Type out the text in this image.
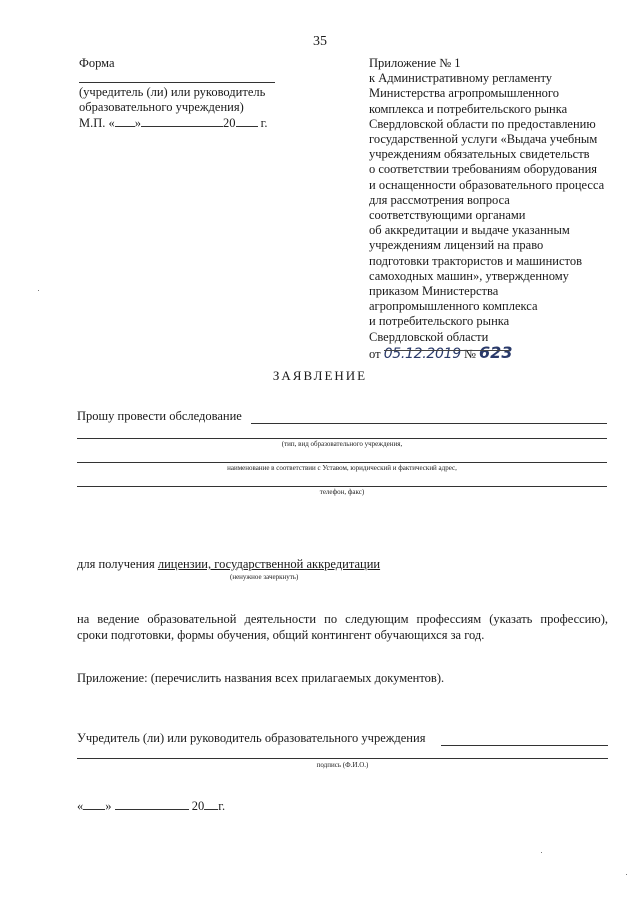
35
Форма
(учредитель (ли) или руководитель
образовательного учреждения)
М.П. « »	20 г.
Приложение № 1
к Административному регламенту
Министерства агропромышленного
комплекса и потребительского рынка
Свердловской области по предоставлению
государственной услуги «Выдача учебным
учреждениям обязательных свидетельств
о соответствии требованиям оборудования
и оснащенности образовательного процесса
для рассмотрения вопроса
соответствующими органами
об аккредитации и выдаче указанным
учреждениям лицензий на право
подготовки трактористов и машинистов
самоходных машин», утвержденному
приказом Министерства
агропромышленного комплекса
и потребительского рынка
Свердловской области
от 05.12.2019 № 623
ЗАЯВЛЕНИЕ
Прошу провести обследование
(тип, вид образовательного учреждения,
наименование в соответствии с Уставом, юридический и фактический адрес,
телефон, факс)
для получения лицензии, государственной аккредитации
(ненужное зачеркнуть)
на ведение образовательной деятельности по следующим профессиям (указать профессию),
сроки подготовки, формы обучения, общий контингент обучающихся за год.
Приложение: (перечислить названия всех прилагаемых документов).
Учредитель (ли) или руководитель образовательного учреждения
подпись (Ф.И.О.)
« »	20 г.
